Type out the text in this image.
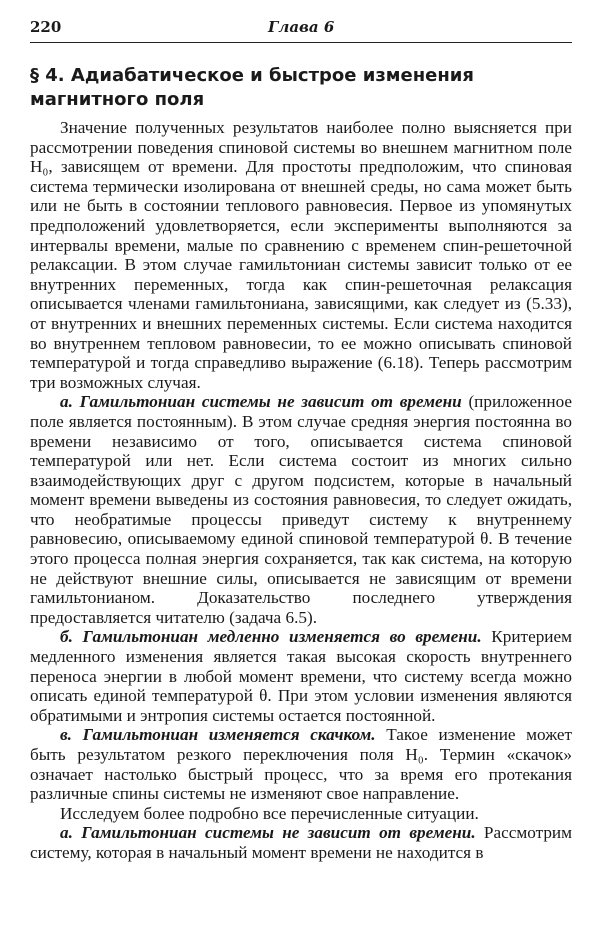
220	Глава 6
§ 4. Адиабатическое и быстрое изменения
магнитного поля

Значение полученных результатов наиболее полно выясняется при рассмотрении поведения спиновой системы во внешнем магнитном поле H₀, зависящем от времени. Для простоты предположим, что спиновая система термически изолирована от внешней среды, но сама может быть или не быть в состоянии теплового равновесия. Первое из упомянутых предположений удовлетворяется, если эксперименты выполняются за интервалы времени, малые по сравнению с временем спин-решеточной релаксации. В этом случае гамильтониан системы зависит только от ее внутренних переменных, тогда как спин-решеточная релаксация описывается членами гамильтониана, зависящими, как следует из (5.33), от внутренних и внешних переменных системы. Если система находится во внутреннем тепловом равновесии, то ее можно описывать спиновой температурой и тогда справедливо выражение (6.18). Теперь рассмотрим три возможных случая.

а. Гамильтониан системы не зависит от времени (приложенное поле является постоянным). В этом случае средняя энергия постоянна во времени независимо от того, описывается система спиновой температурой или нет. Если система состоит из многих сильно взаимодействующих друг с другом подсистем, которые в начальный момент времени выведены из состояния равновесия, то следует ожидать, что необратимые процессы приведут систему к внутреннему равновесию, описываемому единой спиновой температурой θ. В течение этого процесса полная энергия сохраняется, так как система, на которую не действуют внешние силы, описывается не зависящим от времени гамильтонианом. Доказательство последнего утверждения предоставляется читателю (задача 6.5).

б. Гамильтониан медленно изменяется во времени. Критерием медленного изменения является такая высокая скорость внутреннего переноса энергии в любой момент времени, что систему всегда можно описать единой температурой θ. При этом условии изменения являются обратимыми и энтропия системы остается постоянной.

в. Гамильтониан изменяется скачком. Такое изменение может быть результатом резкого переключения поля H₀. Термин «скачок» означает настолько быстрый процесс, что за время его протекания различные спины системы не изменяют свое направление.

Исследуем более подробно все перечисленные ситуации.

а. Гамильтониан системы не зависит от времени. Рассмотрим систему, которая в начальный момент времени не находится в
